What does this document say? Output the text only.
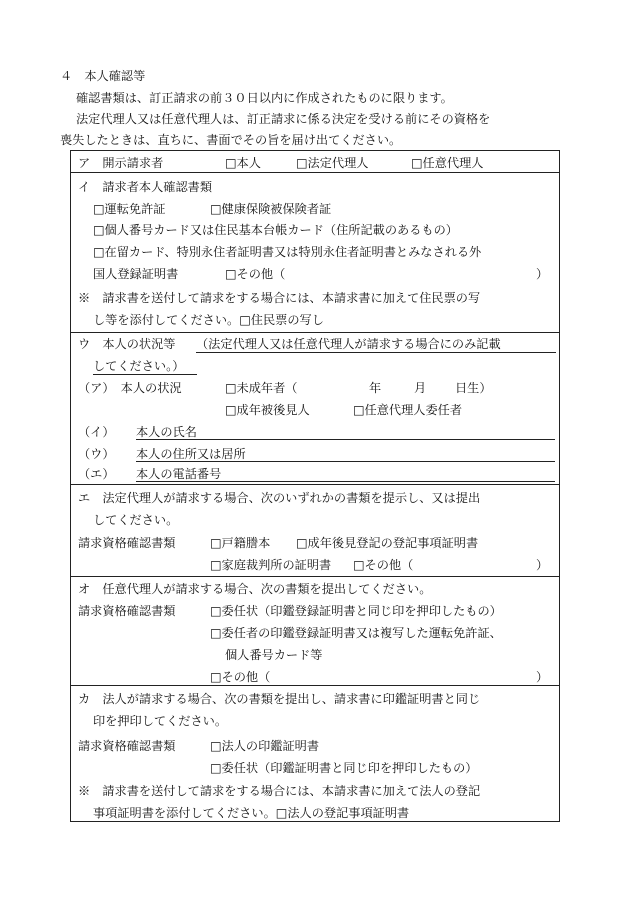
４　本人確認等
確認書類は、訂正請求の前３０日以内に作成されたものに限ります。
法定代理人又は任意代理人は、訂正請求に係る決定を受ける前にその資格を
喪失したときは、直ちに、書面でその旨を届け出てください。
ア　開示請求者	□本人	□法定代理人	□任意代理人
イ　請求者本人確認書類
□運転免許証	□健康保険被保険者証
□個人番号カード又は住民基本台帳カード（住所記載のあるもの）
□在留カード、特別永住者証明書又は特別永住者証明書とみなされる外
国人登録証明書	□その他（	）
※　請求書を送付して請求をする場合には、本請求書に加えて住民票の写
し等を添付してください。□住民票の写し
ウ　本人の状況等 （法定代理人又は任意代理人が請求する場合にのみ記載
してください。）
（ア）　本人の状況	□未成年者（	年	月 日生）
□成年被後見人	□任意代理人委任者
（イ） 本人の氏名
（ウ） 本人の住所又は居所
（エ） 本人の電話番号
エ　法定代理人が請求する場合、次のいずれかの書類を提示し、又は提出
してください。
請求資格確認書類	□戸籍謄本 □成年後見登記の登記事項証明書
□家庭裁判所の証明書 □その他（	）
オ　任意代理人が請求する場合、次の書類を提出してください。
請求資格確認書類	□委任状（印鑑登録証明書と同じ印を押印したもの）
□委任者の印鑑登録証明書又は複写した運転免許証、
個人番号カード等
□その他（	）
カ　法人が請求する場合、次の書類を提出し、請求書に印鑑証明書と同じ
印を押印してください。
請求資格確認書類	□法人の印鑑証明書
□委任状（印鑑証明書と同じ印を押印したもの）
※　請求書を送付して請求をする場合には、本請求書に加えて法人の登記
事項証明書を添付してください。□法人の登記事項証明書
